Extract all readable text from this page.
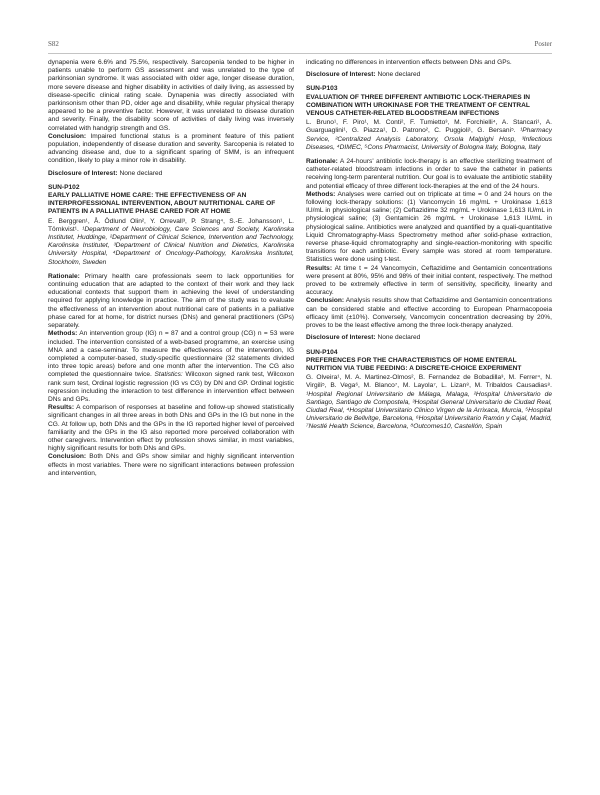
S82	Poster

dynapenia were 6.6% and 75.5%, respectively. Sarcopenia tended to be higher in patients unable to perform GS assessment and was unrelated to the type of parkinsonian syndrome. It was associated with older age, longer disease duration, more severe disease and higher disability in activities of daily living, as assessed by disease-specific clinical rating scale. Dynapenia was directly associated with parkinsonism other than PD, older age and disability, while regular physical therapy appeared to be a preventive factor. However, it was unrelated to disease duration and severity. Finally, the disability score of activities of daily living was inversely correlated with handgrip strength and GS.

Conclusion: Impaired functional status is a prominent feature of this patient population, independently of disease duration and severity. Sarcopenia is related to advancing disease and, due to a significant sparing of SMM, is an infrequent condition, likely to play a minor role in disability.

Disclosure of Interest: None declared

SUN-P102

EARLY PALLIATIVE HOME CARE: THE EFFECTIVENESS OF AN INTERPROFESSIONAL INTERVENTION, ABOUT NUTRITIONAL CARE OF PATIENTS IN A PALLIATIVE PHASE CARED FOR AT HOME

E. Berggren¹, Å. Ödlund Olin², Y. Orrevall³, P. Strang⁴, S.-E. Johansson¹, L. Törnkvist¹. ¹Department of Neurobiology, Care Sciences and Society, Karolinska Institutet, Huddinge, ²Department of Clinical Science, Intervention and Technology, Karolinska Institutet, ³Department of Clinical Nutrition and Dietetics, Karolinska University Hospital, ⁴Department of Oncology-Pathology, Karolinska Institutet, Stockholm, Sweden

Rationale: Primary health care professionals seem to lack opportunities for continuing education that are adapted to the context of their work and they lack educational contexts that support them in achieving the level of understanding required for applying knowledge in practice. The aim of the study was to evaluate the effectiveness of an intervention about nutritional care of patients in a palliative phase cared for at home, for district nurses (DNs) and general practitioners (GPs) separately.

Methods: An intervention group (IG) n = 87 and a control group (CG) n = 53 were included. The intervention consisted of a web-based programme, an exercise using MNA and a case-seminar. To measure the effectiveness of the intervention, IG completed a computer-based, study-specific questionnaire (32 statements divided into three topic areas) before and one month after the intervention. The CG also completed the questionnaire twice. Statistics: Wilcoxon signed rank test, Wilcoxon rank sum test, Ordinal logistic regression (IG vs CG) by DN and GP. Ordinal logistic regression including the interaction to test difference in intervention effect between DNs and GPs.

Results: A comparison of responses at baseline and follow-up showed statistically significant changes in all three areas in both DNs and GPs in the IG but none in the CG. At follow up, both DNs and the GPs in the IG reported higher level of perceived familiarity and the GPs in the IG also reported more perceived collaboration with other caregivers. Intervention effect by profession shows similar, in most variables, highly significant results for both DNs and GPs.

Conclusion: Both DNs and GPs show similar and highly significant intervention effects in most variables. There were no significant interactions between profession and intervention,

indicating no differences in intervention effects between DNs and GPs.

Disclosure of Interest: None declared

SUN-P103

EVALUATION OF THREE DIFFERENT ANTIBIOTIC LOCK-THERAPIES IN COMBINATION WITH UROKINASE FOR THE TREATMENT OF CENTRAL VENOUS CATHETER-RELATED BLOODSTREAM INFECTIONS

L. Bruno¹, F. Piro¹, M. Conti², F. Tumietto³, M. Forchielli⁴, A. Stancari¹, A. Guarguaglini¹, G. Piazza¹, D. Patrono², C. Puggioli¹, G. Bersani⁵. ¹Pharmacy Service, ²Centralized Analysis Laboratory, Orsola Malpighi Hosp, ³Infectious Diseases, ⁴DIMEC, ⁵Cons Pharmacist, University of Bologna Italy, Bologna, Italy

Rationale: A 24-hours' antibiotic lock-therapy is an effective sterilizing treatment of catheter-related bloodstream infections in order to save the catheter in patients receiving long-term parenteral nutrition. Our goal is to evaluate the antibiotic stability and potential efficacy of three different lock-therapies at the end of the 24 hours.

Methods: Analyses were carried out on triplicate at time = 0 and 24 hours on the following lock-therapy solutions: (1) Vancomycin 16 mg/mL + Urokinase 1,613 IU/mL in physiological saline; (2) Ceftazidime 32 mg/mL + Urokinase 1,613 IU/mL in physiological saline; (3) Gentamicin 26 mg/mL + Urokinase 1,613 IU/mL in physiological saline. Antibiotics were analyzed and quantified by a quali-quantitative Liquid Chromatography-Mass Spectrometry method after solid-phase extraction, reverse phase-liquid chromatography and single-reaction-monitoring with specific transitions for each antibiotic. Every sample was stored at room temperature. Statistics were done using t-test.

Results: At time t = 24 Vancomycin, Ceftazidime and Gentamicin concentrations were present at 80%, 95% and 98% of their initial content, respectively. The method proved to be extremely effective in term of sensitivity, specificity, linearity and accuracy.

Conclusion: Analysis results show that Ceftazidime and Gentamicin concentrations can be considered stable and effective according to European Pharmacopoeia efficacy limit (±10%). Conversely, Vancomycin concentration decreasing by 20%, proves to be the least effective among the three lock-therapy analyzed.

Disclosure of Interest: None declared

SUN-P104

PREFERENCES FOR THE CHARACTERISTICS OF HOME ENTERAL NUTRITION VIA TUBE FEEDING: A DISCRETE-CHOICE EXPERIMENT

G. Olveira¹, M. A. Martinez-Olmos², B. Fernandez de Bobadilla³, M. Ferrer⁴, N. Virgili⁵, B. Vega⁶, M. Blanco⁷, M. Layola⁷, L. Lizan⁸, M. Tribaldos Causadias⁸. ¹Hospital Regional Universitario de Málaga, Malaga, ²Hospital Universitario de Santiago, Santiago de Compostela, ³Hospital General Universitario de Ciudad Real, Ciudad Real, ⁴Hospital Universitario Clinico Virgen de la Arrixaca, Murcia, ⁵Hospital Universitario de Bellvitge, Barcelona, ⁶Hospital Universitario Ramón y Cajal, Madrid, ⁷Nestlé Health Science, Barcelona, ⁸Outcomes10, Castellón, Spain
